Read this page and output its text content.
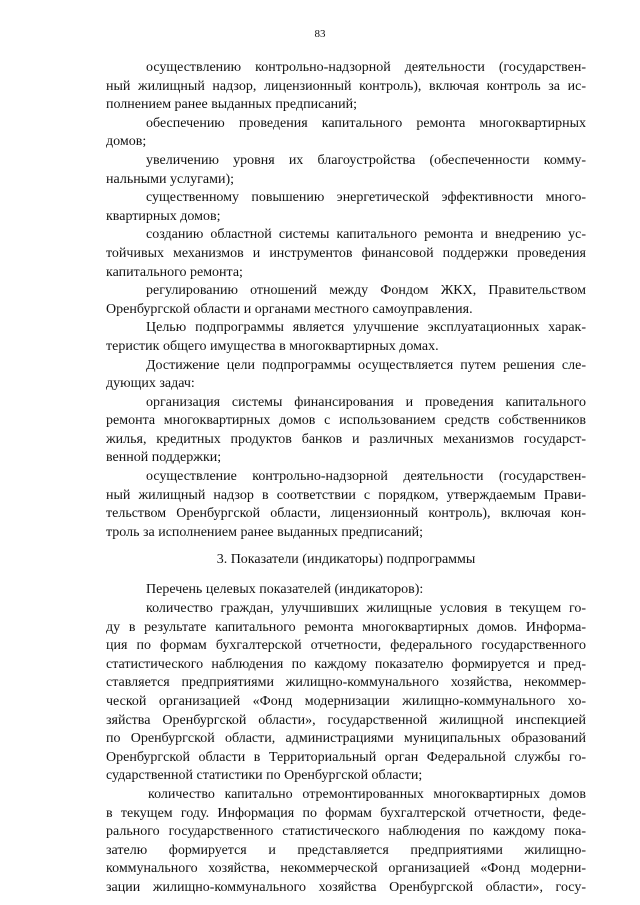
83
осуществлению контрольно-надзорной деятельности (государствен-
ный жилищный надзор, лицензионный контроль), включая контроль за ис-
полнением ранее выданных предписаний;
обеспечению проведения капитального ремонта многоквартирных
домов;
увеличению уровня их благоустройства (обеспеченности комму-
нальными услугами);
существенному повышению энергетической эффективности много-
квартирных домов;
созданию областной системы капитального ремонта и внедрению ус-
тойчивых механизмов и инструментов финансовой поддержки проведения
капитального ремонта;
регулированию отношений между Фондом ЖКХ, Правительством
Оренбургской области и органами местного самоуправления.
Целью подпрограммы является улучшение эксплуатационных харак-
теристик общего имущества в многоквартирных домах.
Достижение цели подпрограммы осуществляется путем решения сле-
дующих задач:
организация системы финансирования и проведения капитального
ремонта многоквартирных домов с использованием средств собственников
жилья, кредитных продуктов банков и различных механизмов государст-
венной поддержки;
осуществление контрольно-надзорной деятельности (государствен-
ный жилищный надзор в соответствии с порядком, утверждаемым Прави-
тельством Оренбургской области, лицензионный контроль), включая кон-
троль за исполнением ранее выданных предписаний;
3. Показатели (индикаторы) подпрограммы
Перечень целевых показателей (индикаторов):
количество граждан, улучшивших жилищные условия в текущем го-
ду в результате капитального ремонта многоквартирных домов. Информа-
ция по формам бухгалтерской отчетности, федерального государственного
статистического наблюдения по каждому показателю формируется и пред-
ставляется предприятиями жилищно-коммунального хозяйства, некоммер-
ческой организацией «Фонд модернизации жилищно-коммунального хо-
зяйства Оренбургской области», государственной жилищной инспекцией
по Оренбургской области, администрациями муниципальных образований
Оренбургской области в Территориальный орган Федеральной службы го-
сударственной статистики по Оренбургской области;
количество капитально отремонтированных многоквартирных домов
в текущем году. Информация по формам бухгалтерской отчетности, феде-
рального государственного статистического наблюдения по каждому пока-
зателю формируется и представляется предприятиями жилищно-
коммунального хозяйства, некоммерческой организацией «Фонд модерни-
зации жилищно-коммунального хозяйства Оренбургской области», госу-
